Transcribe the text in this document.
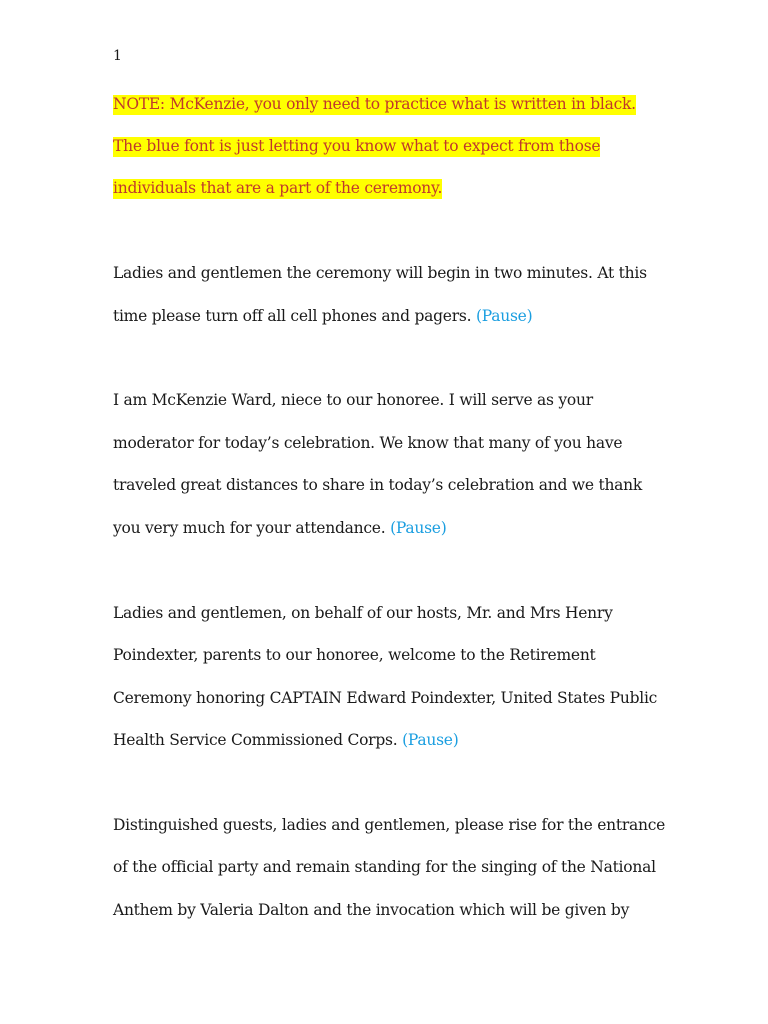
1
NOTE: McKenzie, you only need to practice what is written in black.
The blue font is just letting you know what to expect from those
individuals that are a part of the ceremony.
Ladies and gentlemen the ceremony will begin in two minutes. At this
time please turn off all cell phones and pagers. (Pause)
I am McKenzie Ward, niece to our honoree. I will serve as your
moderator for today’s celebration. We know that many of you have
traveled great distances to share in today’s celebration and we thank
you very much for your attendance. (Pause)
Ladies and gentlemen, on behalf of our hosts, Mr. and Mrs Henry
Poindexter, parents to our honoree, welcome to the Retirement
Ceremony honoring CAPTAIN Edward Poindexter, United States Public
Health Service Commissioned Corps. (Pause)
Distinguished guests, ladies and gentlemen, please rise for the entrance
of the official party and remain standing for the singing of the National
Anthem by Valeria Dalton and the invocation which will be given by
